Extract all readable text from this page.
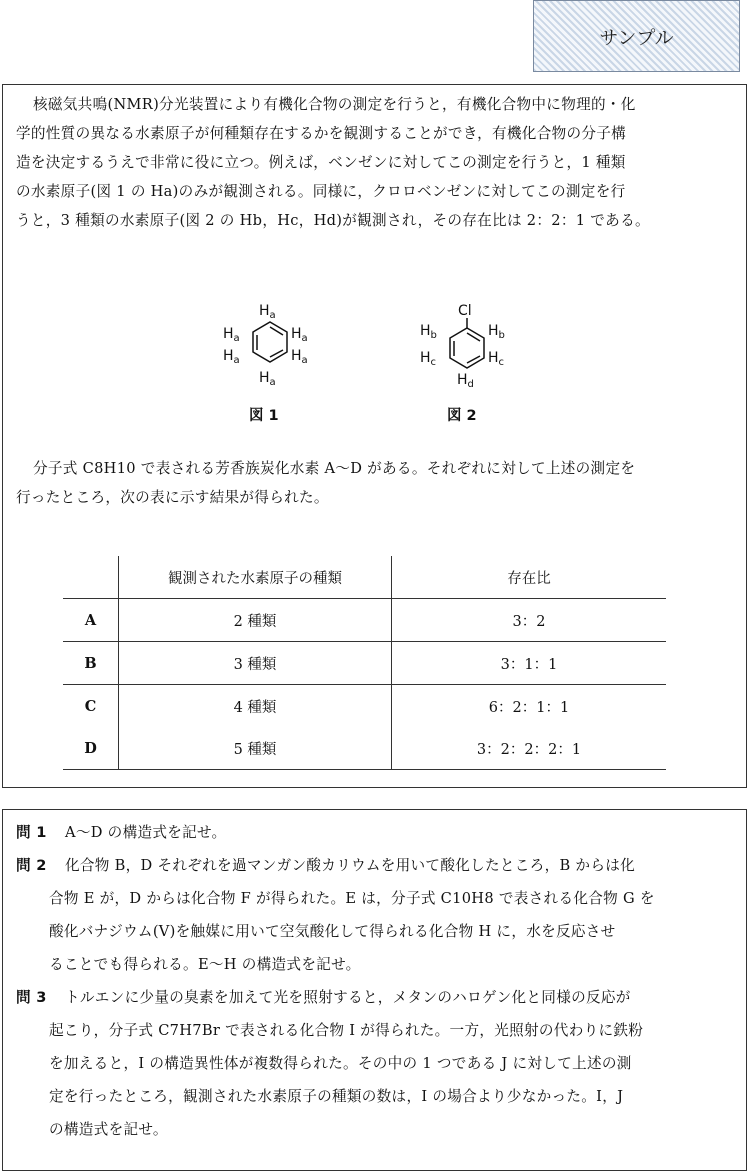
サンプル
核磁気共鳴(NMR)分光装置により有機化合物の測定を行うと，有機化合物中に物理的・化
学的性質の異なる水素原子が何種類存在するかを観測することができ，有機化合物の分子構
造を決定するうえで非常に役に立つ。例えば，ベンゼンに対してこの測定を行うと，1 種類
の水素原子(図 1 の Ha)のみが観測される。同様に，クロロベンゼンに対してこの測定を行
うと，3 種類の水素原子(図 2 の Hb，Hc，Hd)が観測され，その存在比は 2：2：1 である。
$H_a$
$H_a$	$H_a$
$H_a$	$H_a$
$H_a$
図 1
Cl
$H_b$	$H_b$
$H_c$	$H_c$
$H_d$
図 2
分子式 C8H10 で表される芳香族炭化水素 A～D がある。それぞれに対して上述の測定を
行ったところ，次の表に示す結果が得られた。
	観測された水素原子の種類	存在比
A	2 種類	3：2
B	3 種類	3：1：1
C	4 種類	6：2：1：1
D	5 種類	3：2：2：2：1
問 1 A～D の構造式を記せ。
問 2 化合物 B，D それぞれを過マンガン酸カリウムを用いて酸化したところ，B からは化
合物 E が，D からは化合物 F が得られた。E は，分子式 C10H8 で表される化合物 G を
酸化バナジウム(V)を触媒に用いて空気酸化して得られる化合物 H に，水を反応させ
ることでも得られる。E～H の構造式を記せ。
問 3 トルエンに少量の臭素を加えて光を照射すると，メタンのハロゲン化と同様の反応が
起こり，分子式 C7H7Br で表される化合物 I が得られた。一方，光照射の代わりに鉄粉
を加えると，I の構造異性体が複数得られた。その中の 1 つである J に対して上述の測
定を行ったところ，観測された水素原子の種類の数は，I の場合より少なかった。I，J
の構造式を記せ。
